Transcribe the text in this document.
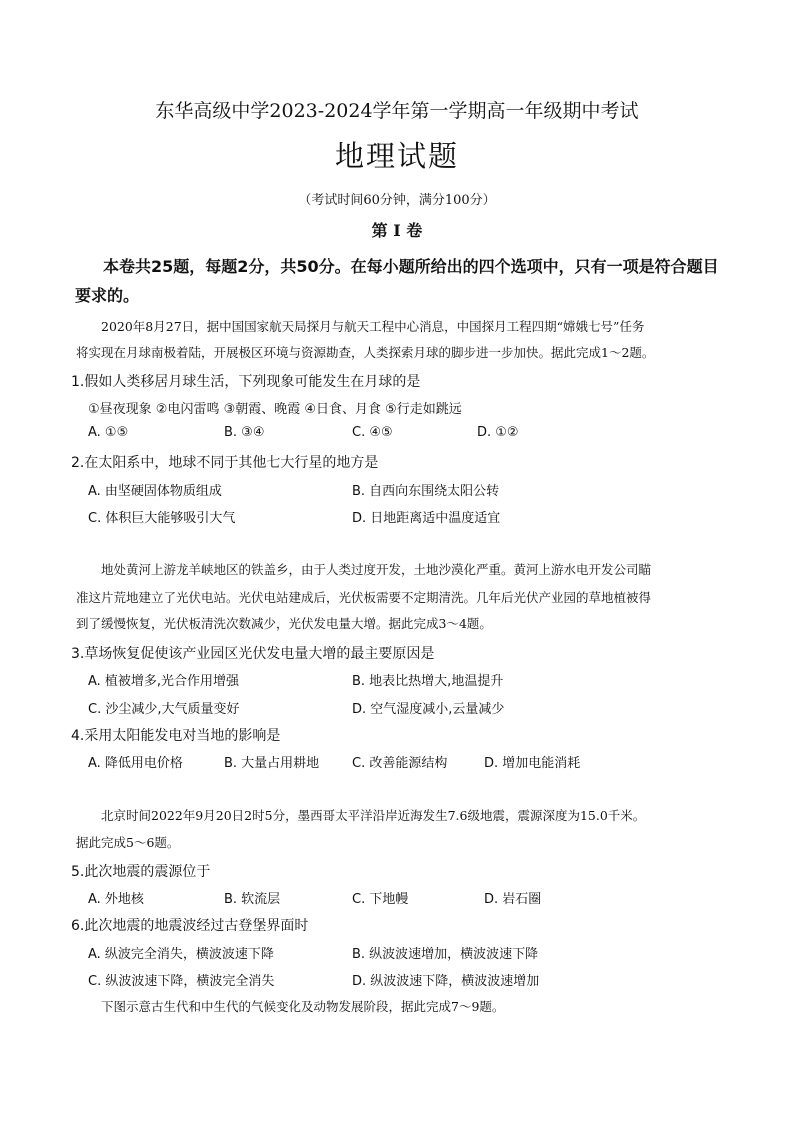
东华高级中学2023-2024学年第一学期高一年级期中考试
地理试题
（考试时间60分钟，满分100分）
第 Ⅰ 卷
本卷共25题，每题2分，共50分。在每小题所给出的四个选项中，只有一项是符合题目
要求的。
2020年8月27日，据中国国家航天局探月与航天工程中心消息，中国探月工程四期“嫦娥七号”任务
将实现在月球南极着陆，开展极区环境与资源勘查，人类探索月球的脚步进一步加快。据此完成1～2题。
1.假如人类移居月球生活，下列现象可能发生在月球的是
①昼夜现象 ②电闪雷鸣 ③朝霞、晚霞 ④日食、月食 ⑤行走如跳远
A. ①⑤	B. ③④	C. ④⑤	D. ①②
2.在太阳系中，地球不同于其他七大行星的地方是
A. 由坚硬固体物质组成	B. 自西向东围绕太阳公转
C. 体积巨大能够吸引大气	D. 日地距离适中温度适宜
地处黄河上游龙羊峡地区的铁盖乡，由于人类过度开发，土地沙漠化严重。黄河上游水电开发公司瞄
准这片荒地建立了光伏电站。光伏电站建成后，光伏板需要不定期清洗。几年后光伏产业园的草地植被得
到了缓慢恢复，光伏板清洗次数减少，光伏发电量大增。据此完成3～4题。
3.草场恢复促使该产业园区光伏发电量大增的最主要原因是
A. 植被增多,光合作用增强	B. 地表比热增大,地温提升
C. 沙尘减少,大气质量变好	D. 空气湿度减小,云量减少
4.采用太阳能发电对当地的影响是
A. 降低用电价格	B. 大量占用耕地	C. 改善能源结构	D. 增加电能消耗
北京时间2022年9月20日2时5分，墨西哥太平洋沿岸近海发生7.6级地震，震源深度为15.0千米。
据此完成5～6题。
5.此次地震的震源位于
A. 外地核	B. 软流层	C. 下地幔	D. 岩石圈
6.此次地震的地震波经过古登堡界面时
A. 纵波完全消失，横波波速下降	B. 纵波波速增加，横波波速下降
C. 纵波波速下降，横波完全消失	D. 纵波波速下降，横波波速增加
下图示意古生代和中生代的气候变化及动物发展阶段，据此完成7～9题。
